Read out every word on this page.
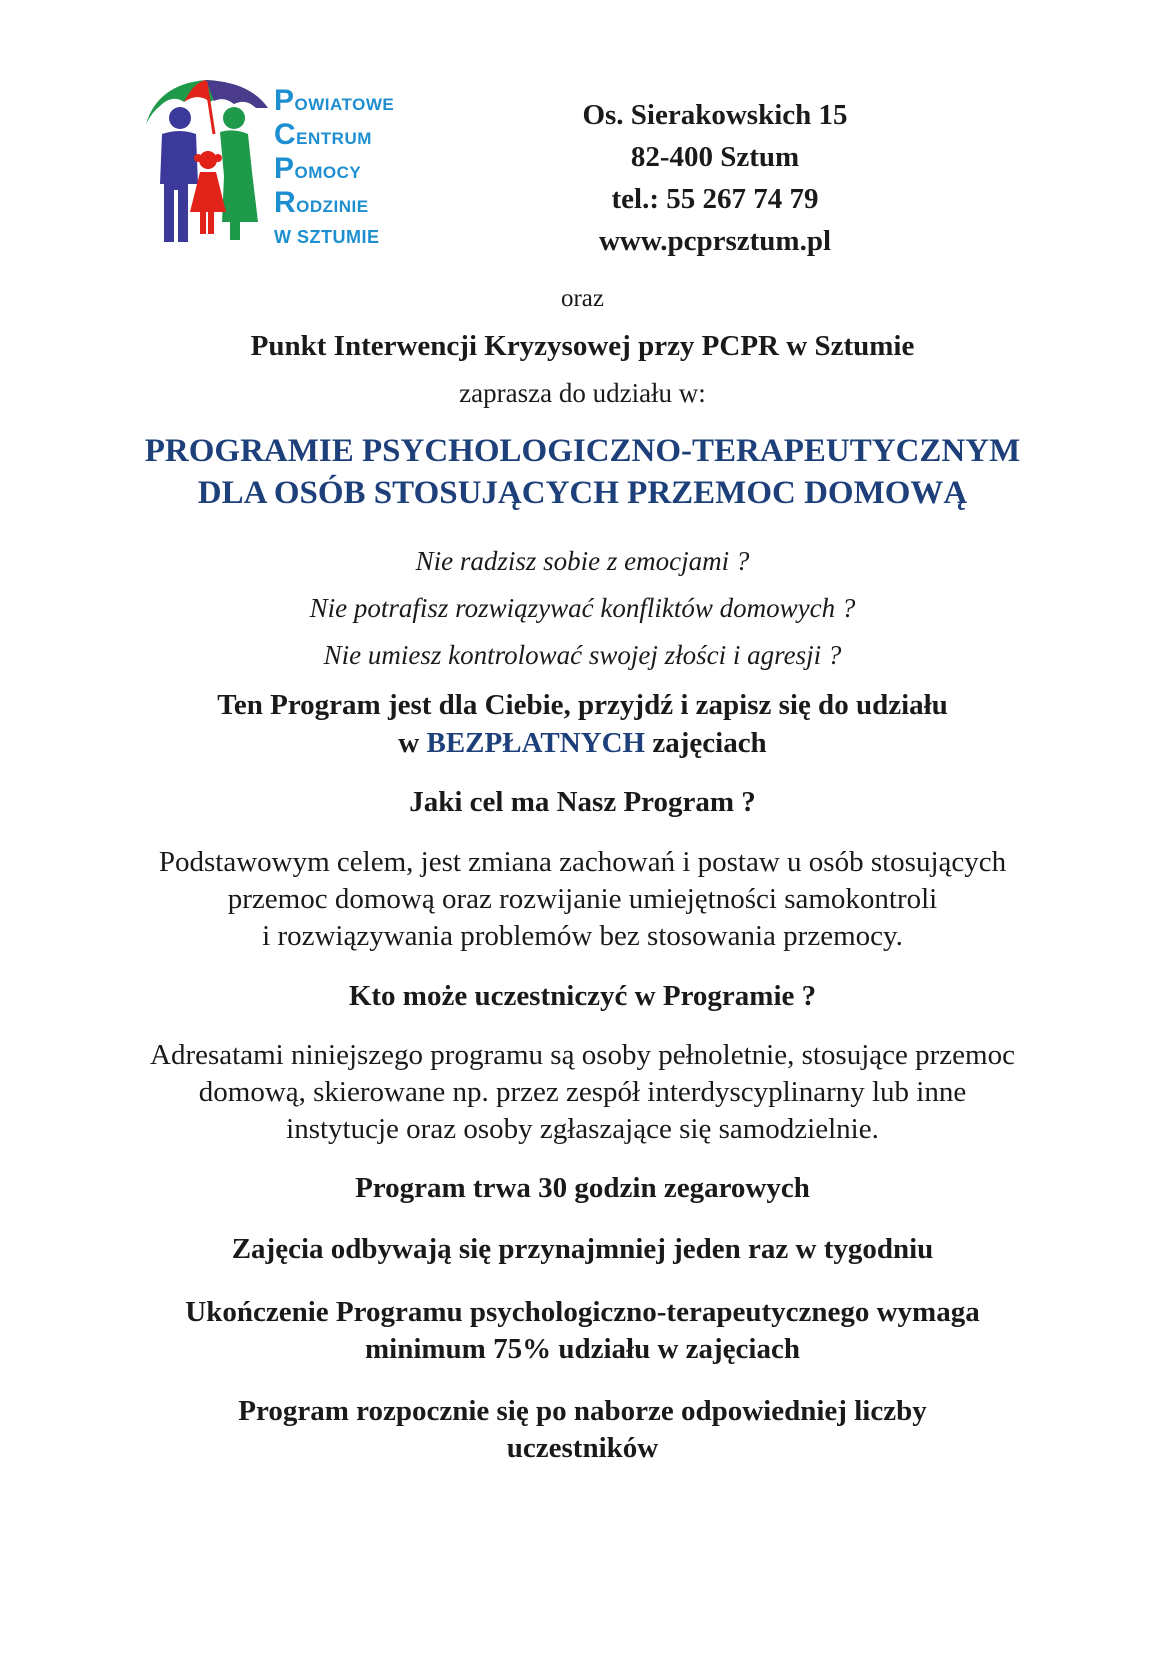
POWIATOWE
CENTRUM
POMOCY
RODZINIE
W SZTUMIE
Os. Sierakowskich 15
82-400 Sztum
tel.: 55 267 74 79
www.pcprsztum.pl
oraz
Punkt Interwencji Kryzysowej przy PCPR w Sztumie
zaprasza do udziału w:
PROGRAMIE PSYCHOLOGICZNO-TERAPEUTYCZNYM
DLA OSÓB STOSUJĄCYCH PRZEMOC DOMOWĄ
Nie radzisz sobie z emocjami ?
Nie potrafisz rozwiązywać konfliktów domowych ?
Nie umiesz kontrolować swojej złości i agresji ?
Ten Program jest dla Ciebie, przyjdź i zapisz się do udziału
w BEZPŁATNYCH zajęciach
Jaki cel ma Nasz Program ?
Podstawowym celem, jest zmiana zachowań i postaw u osób stosujących
przemoc domową oraz rozwijanie umiejętności samokontroli
i rozwiązywania problemów bez stosowania przemocy.
Kto może uczestniczyć w Programie ?
Adresatami niniejszego programu są osoby pełnoletnie, stosujące przemoc
domową, skierowane np. przez zespół interdyscyplinarny lub inne
instytucje oraz osoby zgłaszające się samodzielnie.
Program trwa 30 godzin zegarowych
Zajęcia odbywają się przynajmniej jeden raz w tygodniu
Ukończenie Programu psychologiczno-terapeutycznego wymaga
minimum 75% udziału w zajęciach
Program rozpocznie się po naborze odpowiedniej liczby
uczestników
